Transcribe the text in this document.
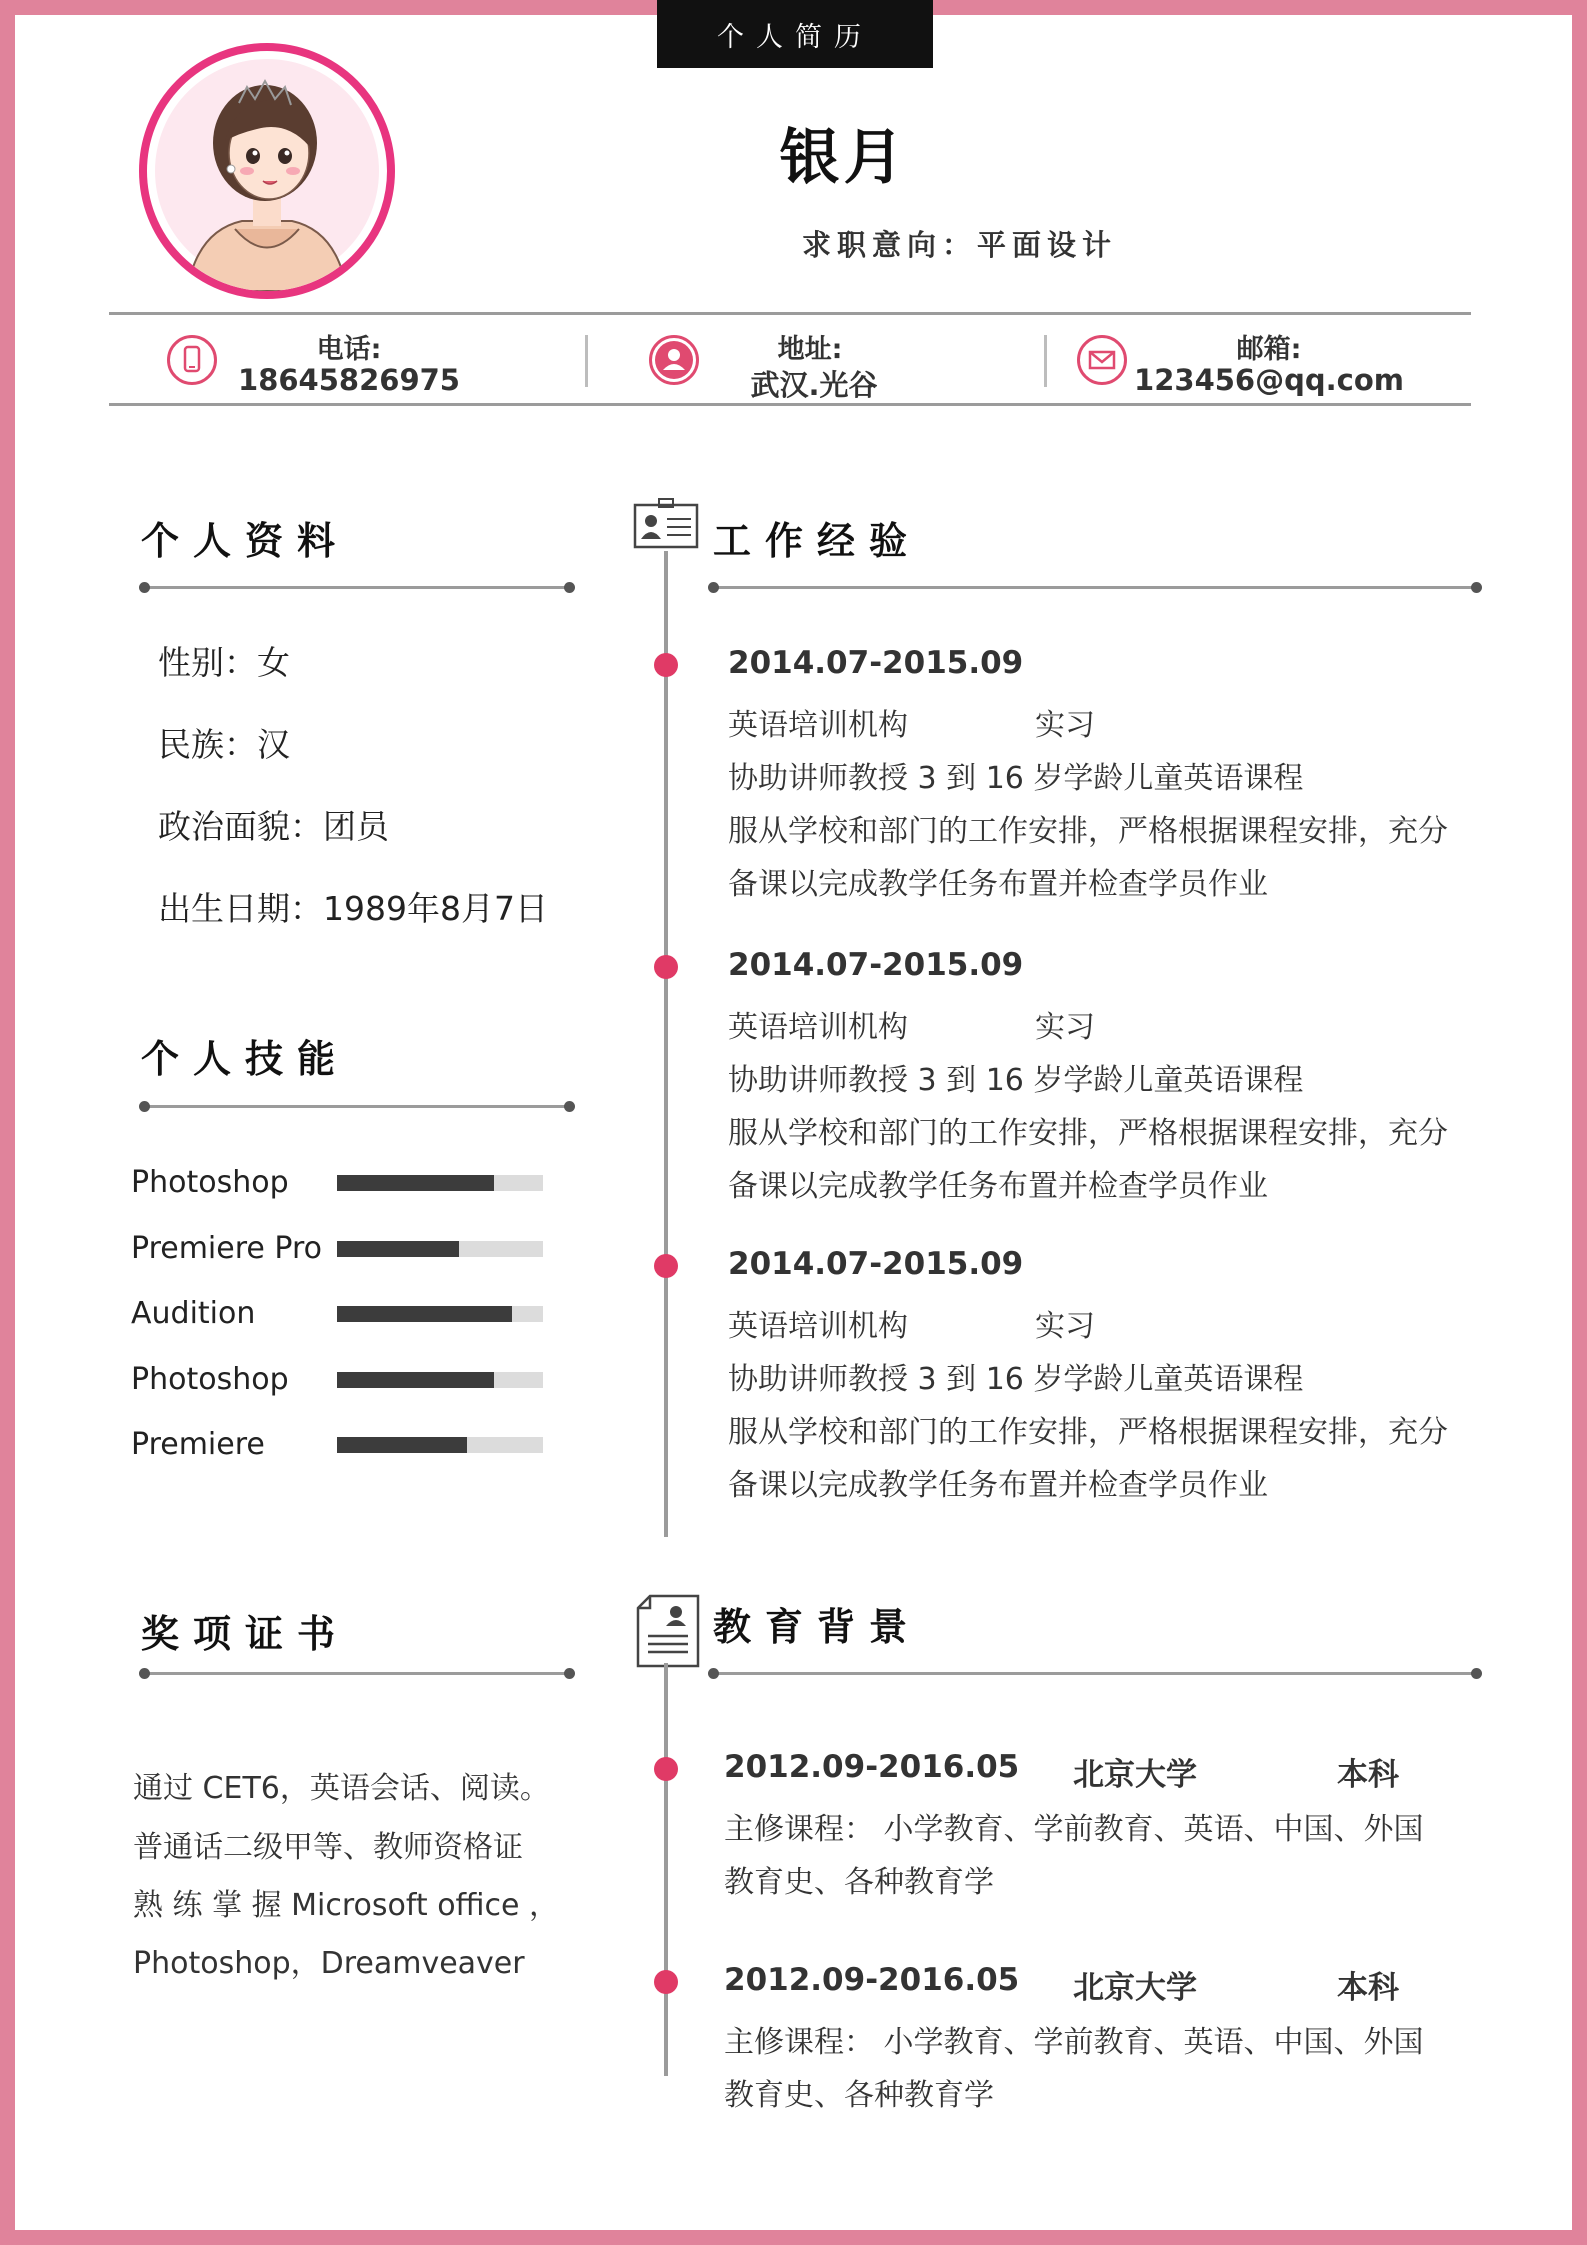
个人简历
银月
求职意向：平面设计
电话:
18645826975
地址:
武汉.光谷
邮箱:
123456@qq.com
个人资料
性别：女
民族：汉
政治面貌：团员
出生日期：1989年8月7日
个人技能
Photoshop
Premiere Pro
Audition
Photoshop
Premiere
奖项证书
通过 CET6，英语会话、阅读。
普通话二级甲等、教师资格证
熟 练 掌 握 Microsoft office ，
Photoshop，Dreamveaver
工作经验
2014.07-2015.09
英语培训机构	实习
协助讲师教授 3 到 16 岁学龄儿童英语课程
服从学校和部门的工作安排，严格根据课程安排，充分
备课以完成教学任务布置并检查学员作业
2014.07-2015.09
英语培训机构	实习
协助讲师教授 3 到 16 岁学龄儿童英语课程
服从学校和部门的工作安排，严格根据课程安排，充分
备课以完成教学任务布置并检查学员作业
2014.07-2015.09
英语培训机构	实习
协助讲师教授 3 到 16 岁学龄儿童英语课程
服从学校和部门的工作安排，严格根据课程安排，充分
备课以完成教学任务布置并检查学员作业
教育背景
2012.09-2016.05 北京大学	本科
主修课程： 小学教育、学前教育、英语、中国、外国
教育史、各种教育学
2012.09-2016.05 北京大学	本科
主修课程： 小学教育、学前教育、英语、中国、外国
教育史、各种教育学
